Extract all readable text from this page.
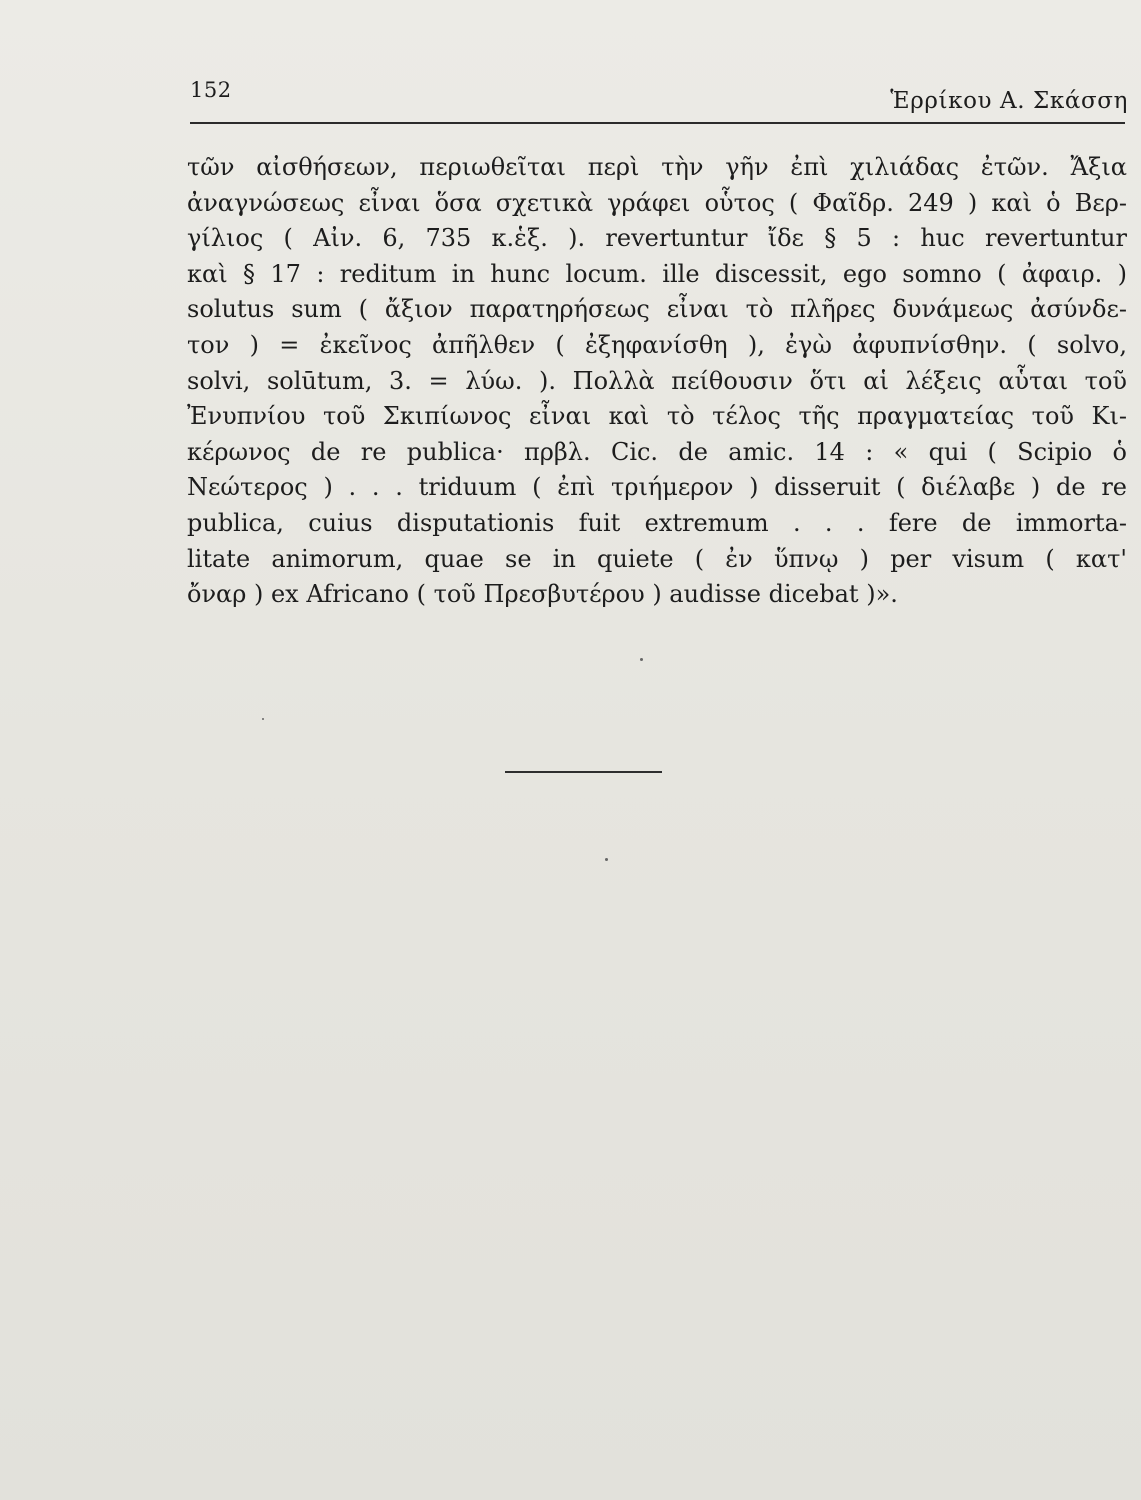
152	Ἑρρίκου Α. Σκάσση
τῶν αἰσθήσεων, περιωθεῖται περὶ τὴν γῆν ἐπὶ χιλιάδας ἐτῶν. Ἄξια
ἀναγνώσεως εἶναι ὅσα σχετικὰ γράφει οὗτος ( Φαῖδρ. 249 ) καὶ ὁ Βερ-
γίλιος ( Αἰν. 6, 735 κ.ἑξ. ). revertuntur ἴδε § 5 : huc revertuntur
καὶ § 17 : reditum in hunc locum. ille discessit, ego somno ( ἀφαιρ. )
solutus sum ( ἄξιον παρατηρήσεως εἶναι τὸ πλῆρες δυνάμεως ἀσύνδε-
τον ) = ἐκεῖνος ἀπῆλθεν ( ἐξηφανίσθη ), ἐγὼ ἀφυπνίσθην. ( solvo,
solvi, solūtum, 3. = λύω. ). Πολλὰ πείθουσιν ὅτι αἱ λέξεις αὗται τοῦ
Ἐνυπνίου τοῦ Σκιπίωνος εἶναι καὶ τὸ τέλος τῆς πραγματείας τοῦ Κι-
κέρωνος de re publica· πρβλ. Cic. de amic. 14 : « qui ( Scipio ὁ
Νεώτερος ) . . . triduum ( ἐπὶ τριήμερον ) disseruit ( διέλαβε ) de re
publica, cuius disputationis fuit extremum . . . fere de immorta-
litate animorum, quae se in quiete ( ἐν ὕπνῳ ) per visum ( κατ'
ὄναρ ) ex Africano ( τοῦ Πρεσβυτέρου ) audisse dicebat )».
